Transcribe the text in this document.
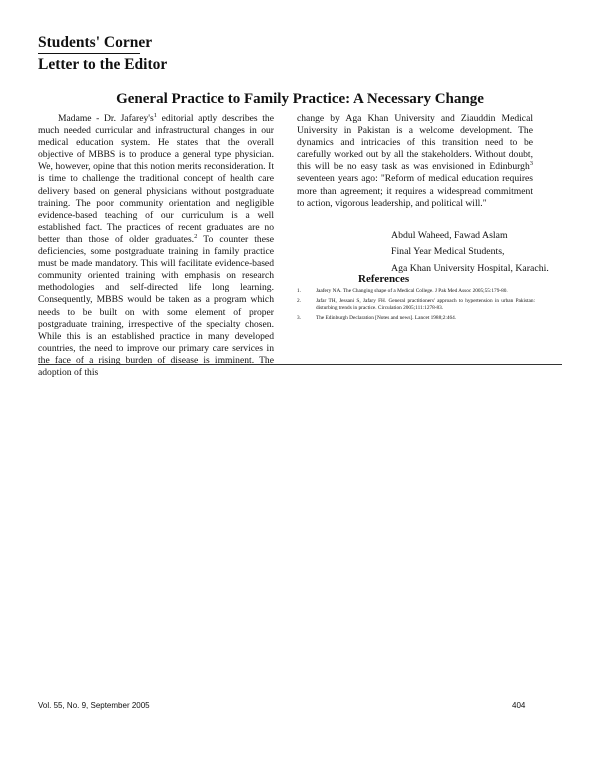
Students' Corner
Letter to the Editor
General Practice to Family Practice: A Necessary Change

Madame - Dr. $Jafarey's^1$ editorial aptly describes the much needed curricular and infrastructural changes in our medical education system. He states that the overall objective of MBBS is to produce a general type physician. We, however, opine that this notion merits reconsideration. It is time to challenge the traditional concept of health care delivery based on general physicians without postgraduate training. The poor community orientation and negligible evidence-based teaching of our curriculum is a well established fact. The practices of recent graduates are no better than those of older graduates.$^2$ To counter these deficiencies, some postgraduate training in family practice must be made mandatory. This will facilitate evidence-based community oriented training with emphasis on research methodologies and self-directed life long learning. Consequently, MBBS would be taken as a program which needs to be built on with some element of proper postgraduate training, irrespective of the specialty chosen. While this is an established practice in many developed countries, the need to improve our primary care services in the face of a rising burden of disease is imminent. The adoption of this

change by Aga Khan University and Ziauddin Medical University in Pakistan is a welcome development. The dynamics and intricacies of this transition need to be carefully worked out by all the stakeholders. Without doubt, this will be no easy task as was envisioned in Edinburgh$^3$ seventeen years ago: "Reform of medical education requires more than agreement; it requires a widespread commitment to action, vigorous leadership, and political will."

Abdul Waheed, Fawad Aslam
Final Year Medical Students,
Aga Khan University Hospital, Karachi.
References
1.	Jaafery NA. The Changing shape of a Medical College. J Pak Med Assoc 2005;55:179-80.
2.	Jafar TH, Jessani S, Jafary FH. General practitioners' approach to hypertension in urban Pakistan: disturbing trends in practice. Circulation 2005;111:1278-83.
3.	The Edinburgh Declaration [Notes and news]. Lancet 1988;2:464.
Vol. 55, No. 9, September 2005	404
